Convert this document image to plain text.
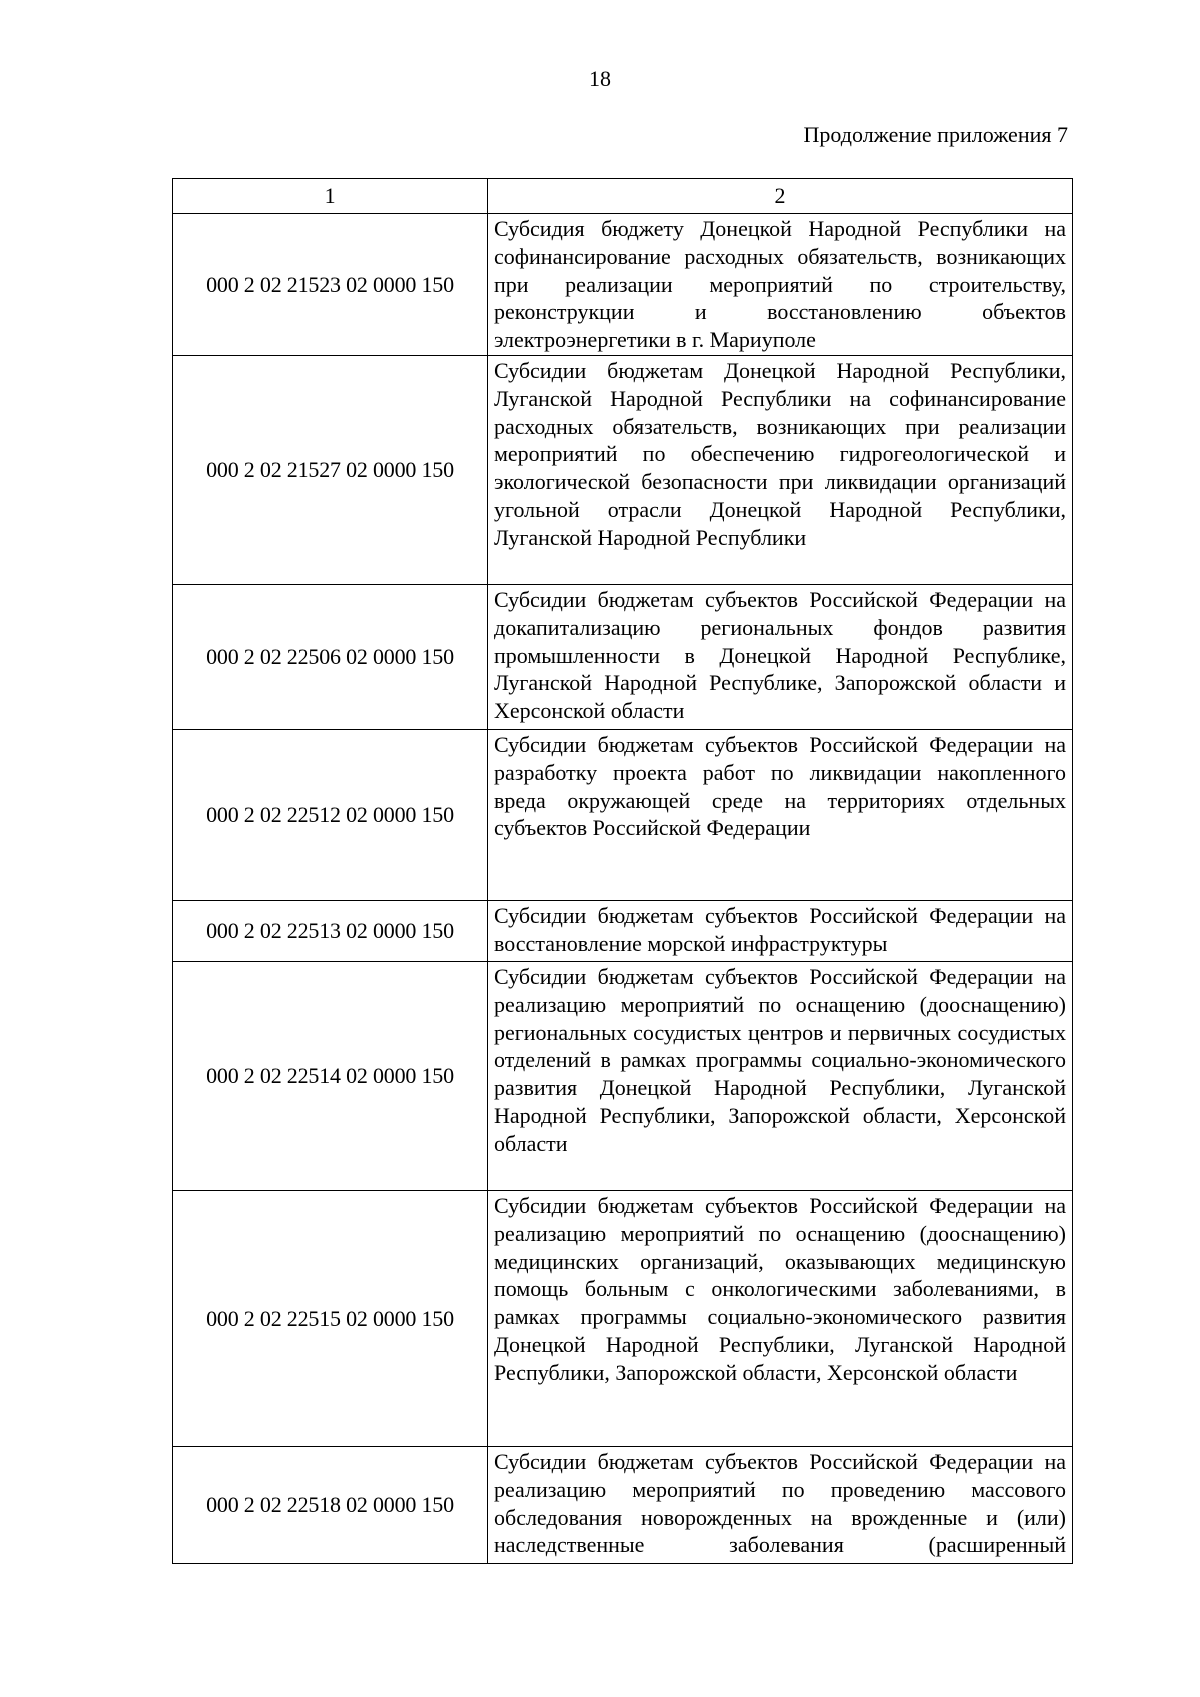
18
Продолжение приложения 7
1	2
000 2 02 21523 02 0000 150	Субсидия бюджету Донецкой Народной Республики на софинансирование расходных обязательств, возникающих при реализации мероприятий по строительству, реконструкции и восстановлению объектов электроэнергетики в г. Мариуполе

000 2 02 21527 02 0000 150	Субсидии бюджетам Донецкой Народной Республики, Луганской Народной Республики на софинансирование расходных обязательств, возникающих при реализации мероприятий по обеспечению гидрогеологической и экологической безопасности при ликвидации организаций угольной отрасли Донецкой Народной Республики, Луганской Народной Республики

000 2 02 22506 02 0000 150	Субсидии бюджетам субъектов Российской Федерации на докапитализацию региональных фондов развития промышленности в Донецкой Народной Республике, Луганской Народной Республике, Запорожской области и Херсонской области

000 2 02 22512 02 0000 150	Субсидии бюджетам субъектов Российской Федерации на разработку проекта работ по ликвидации накопленного вреда окружающей среде на территориях отдельных субъектов Российской Федерации

000 2 02 22513 02 0000 150	Субсидии бюджетам субъектов Российской Федерации на восстановление морской инфраструктуры

000 2 02 22514 02 0000 150	Субсидии бюджетам субъектов Российской Федерации на реализацию мероприятий по оснащению (дооснащению) региональных сосудистых центров и первичных сосудистых отделений в рамках программы социально-экономического развития Донецкой Народной Республики, Луганской Народной Республики, Запорожской области, Херсонской области

000 2 02 22515 02 0000 150	Субсидии бюджетам субъектов Российской Федерации на реализацию мероприятий по оснащению (дооснащению) медицинских организаций, оказывающих медицинскую помощь больным с онкологическими заболеваниями, в рамках программы социально-экономического развития Донецкой Народной Республики, Луганской Народной Республики, Запорожской области, Херсонской области

000 2 02 22518 02 0000 150	Субсидии бюджетам субъектов Российской Федерации на реализацию мероприятий по проведению массового обследования новорожденных на врожденные и (или) наследственные заболевания (расширенный
